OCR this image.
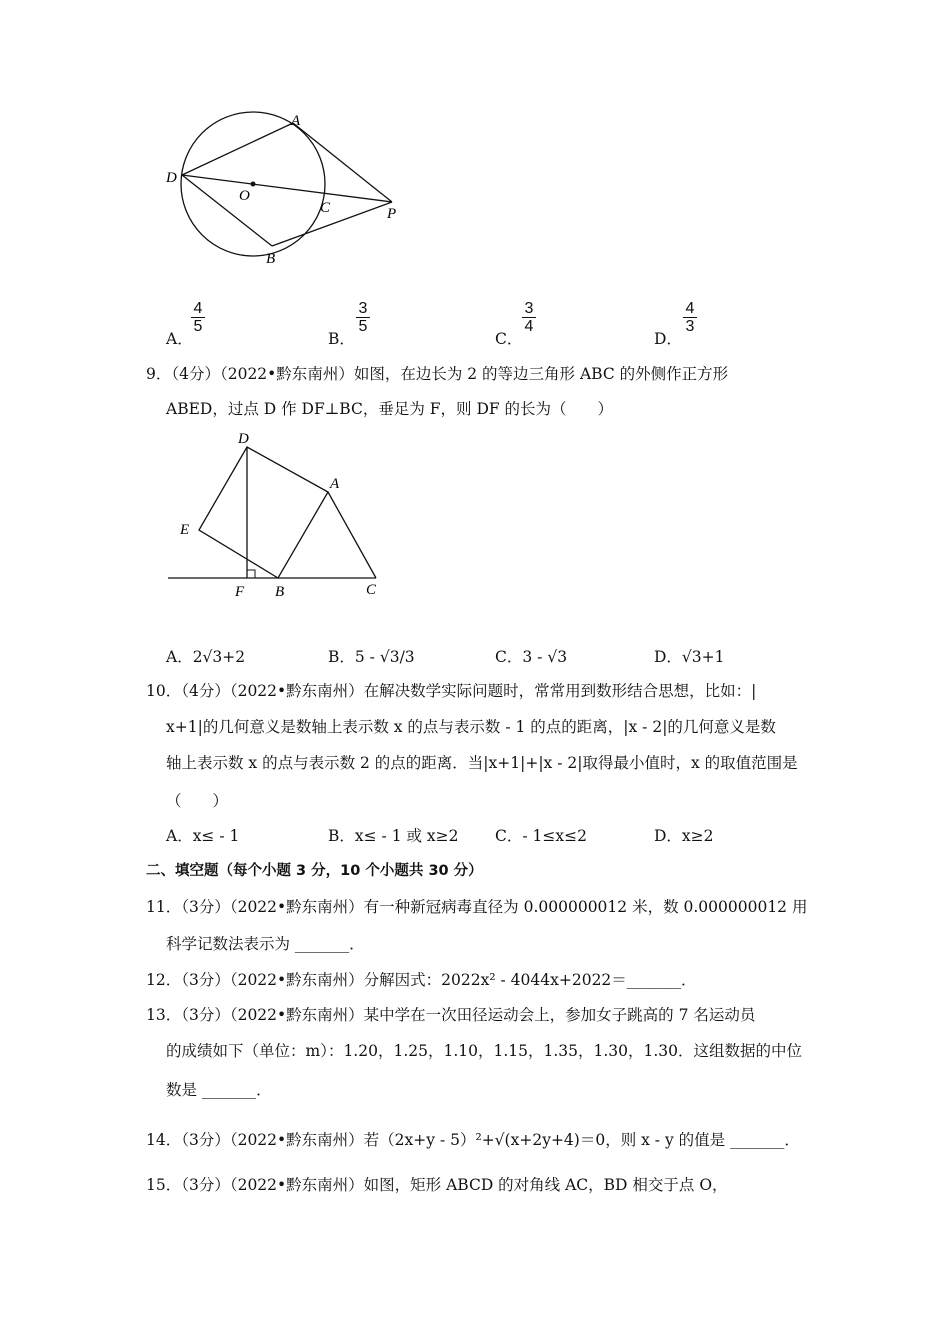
A
D
O
C	P
B
D
A
E
F B	C
A．
4
5
B．
3
5
C．
3
4
D．
4
3
9．（4分）（2022•黔东南州）如图，在边长为 2 的等边三角形 ABC 的外侧作正方形
ABED，过点 D 作 DF⊥BC，垂足为 F，则 DF 的长为（　　）
A．2√3+2	B．5 - √3/3	C．3 - √3	D．√3+1
10．（4分）（2022•黔东南州）在解决数学实际问题时，常常用到数形结合思想，比如：|
x+1|的几何意义是数轴上表示数 x 的点与表示数 - 1 的点的距离，|x - 2|的几何意义是数
轴上表示数 x 的点与表示数 2 的点的距离．当|x+1|+|x - 2|取得最小值时，x 的取值范围是
（　　）
A．x≤ - 1	B．x≤ - 1 或 x≥2 C．- 1≤x≤2	D．x≥2
二、填空题（每个小题 3 分，10 个小题共 30 分）
11．（3分）（2022•黔东南州）有一种新冠病毒直径为 0.000000012 米，数 0.000000012 用
科学记数法表示为 _______．
12．（3分）（2022•黔东南州）分解因式：2022x² - 4044x+2022＝_______．
13．（3分）（2022•黔东南州）某中学在一次田径运动会上，参加女子跳高的 7 名运动员
的成绩如下（单位：m）：1.20，1.25，1.10，1.15，1.35，1.30，1.30．这组数据的中位
数是 _______．
14．（3分）（2022•黔东南州）若（2x+y - 5）²+√(x+2y+4)＝0，则 x - y 的值是 _______．
15．（3分）（2022•黔东南州）如图，矩形 ABCD 的对角线 AC，BD 相交于点 O，
